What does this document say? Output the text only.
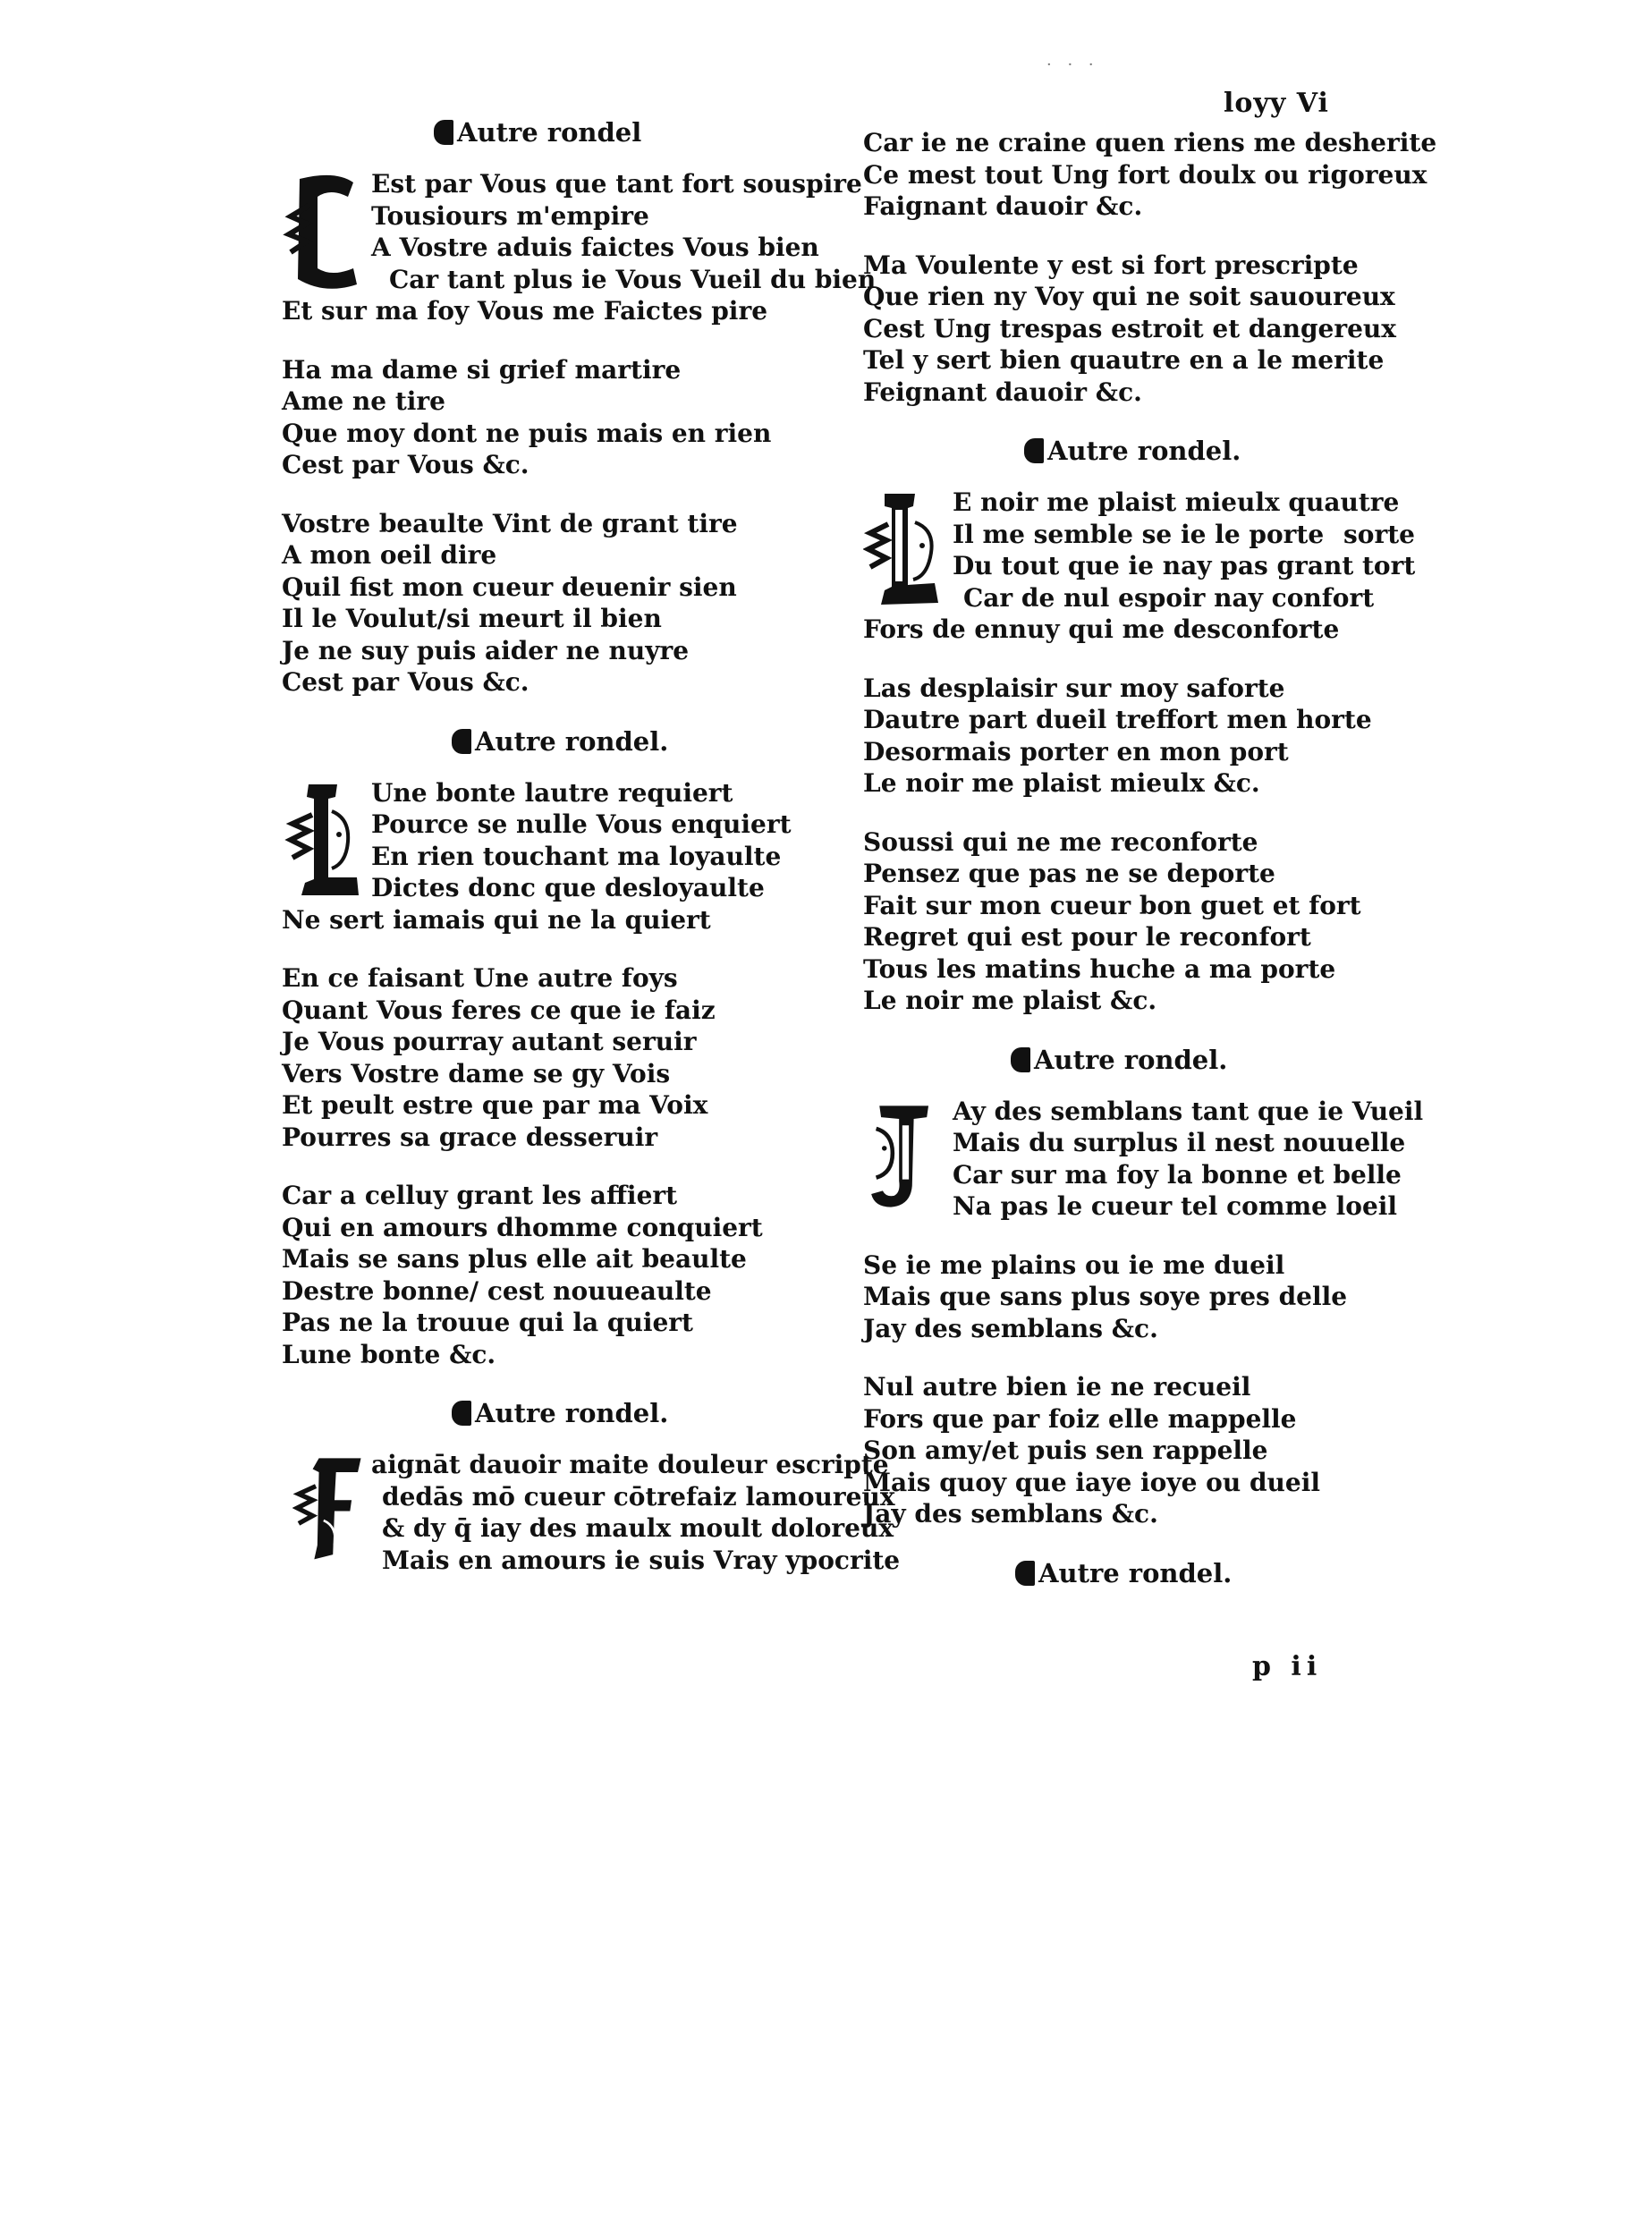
· · ·
loyy Vi
Autre rondel
Est par Vous que tant fort souspire
Tousiours m'empire
A Vostre aduis faictes Vous bien
Car tant plus ie Vous Vueil du bien
Et sur ma foy Vous me Faictes pire
Ha ma dame si grief martire
Ame ne tire
Que moy dont ne puis mais en rien
Cest par Vous &c.
Vostre beaulte Vint de grant tire
A mon oeil dire
Quil fist mon cueur deuenir sien
Il le Voulut/si meurt il bien
Je ne suy puis aider ne nuyre
Cest par Vous &c.
Autre rondel.
Une bonte lautre requiert
Pource se nulle Vous enquiert
En rien touchant ma loyaulte
Dictes donc que desloyaulte
Ne sert iamais qui ne la quiert
En ce faisant Une autre foys
Quant Vous feres ce que ie faiz
Je Vous pourray autant seruir
Vers Vostre dame se gy Vois
Et peult estre que par ma Voix
Pourres sa grace desseruir
Car a celluy grant les affiert
Qui en amours dhomme conquiert
Mais se sans plus elle ait beaulte
Destre bonne/ cest nouueaulte
Pas ne la trouue qui la quiert
Lune bonte &c.
Autre rondel.
aignāt dauoir maite douleur escripte
dedās mō cueur cōtrefaiz lamoureux
& dy q̄ iay des maulx moult doloreux
Mais en amours ie suis Vray ypocrite
Car ie ne craine quen riens me desherite
Ce mest tout Ung fort doulx ou rigoreux
Faignant dauoir &c.
Ma Voulente y est si fort prescripte
Que rien ny Voy qui ne soit sauoureux
Cest Ung trespas estroit et dangereux
Tel y sert bien quautre en a le merite
Feignant dauoir &c.
Autre rondel.
E noir me plaist mieulx quautre
Il me semble se ie le porte sorte
Du tout que ie nay pas grant tort
Car de nul espoir nay confort
Fors de ennuy qui me desconforte
Las desplaisir sur moy saforte
Dautre part dueil treffort men horte
Desormais porter en mon port
Le noir me plaist mieulx &c.
Soussi qui ne me reconforte
Pensez que pas ne se deporte
Fait sur mon cueur bon guet et fort
Regret qui est pour le reconfort
Tous les matins huche a ma porte
Le noir me plaist &c.
Autre rondel.
Ay des semblans tant que ie Vueil
Mais du surplus il nest nouuelle
Car sur ma foy la bonne et belle
Na pas le cueur tel comme loeil
Se ie me plains ou ie me dueil
Mais que sans plus soye pres delle
Jay des semblans &c.
Nul autre bien ie ne recueil
Fors que par foiz elle mappelle
Son amy/et puis sen rappelle
Mais quoy que iaye ioye ou dueil
Jay des semblans &c.
Autre rondel.
p ii
